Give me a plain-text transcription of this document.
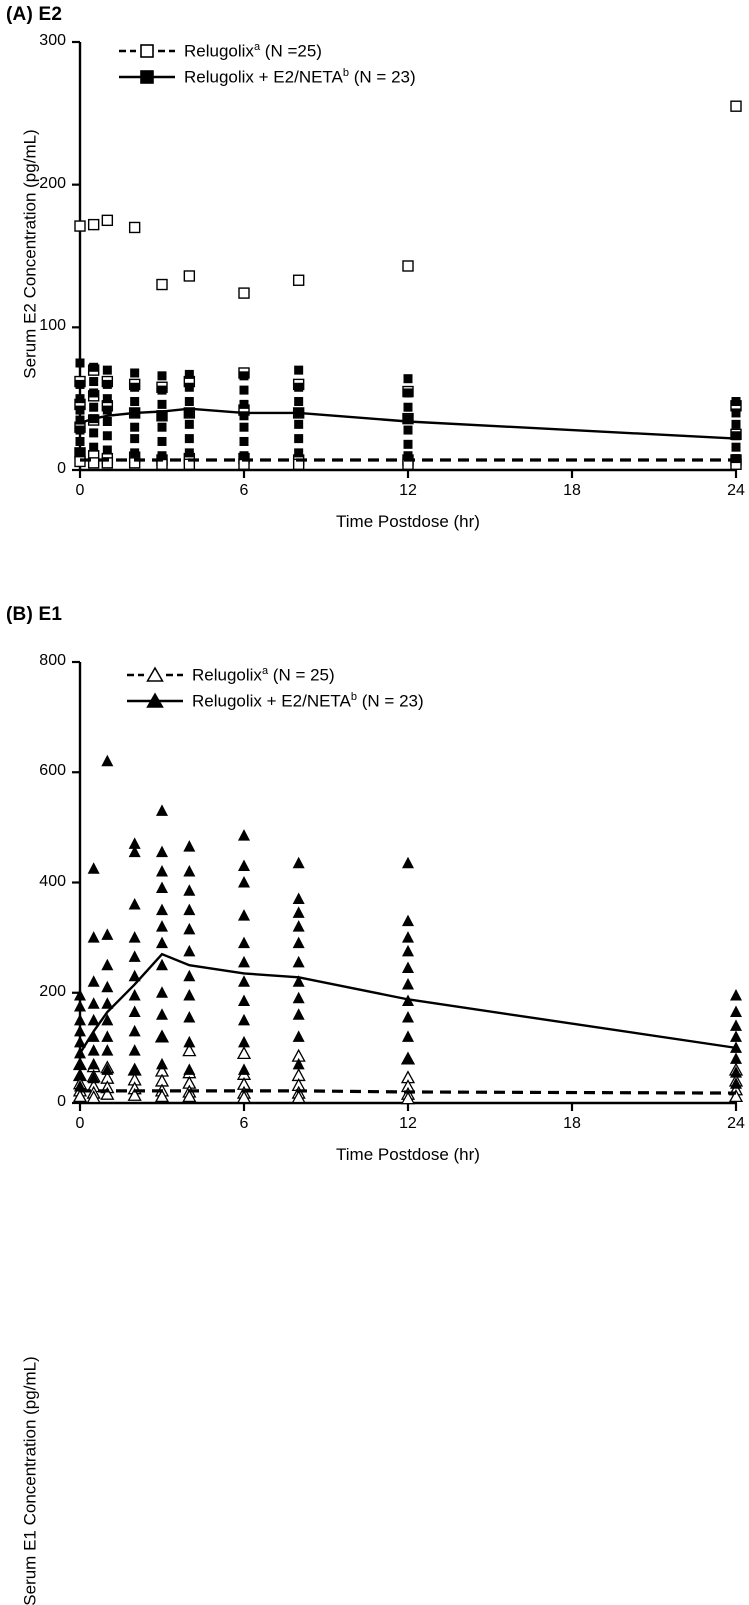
(A) E2
Relugolix$^a$ (N =25)
Relugolix + $E2/NETA^b$ (N = 23)
Serum E2 Concentration (pg/mL)
Time Postdose (hr)
(B) E1
Relugolix$^a$ (N = 25)
Relugolix + $E2/NETA^b$ (N = 23)
Serum E1 Concentration (pg/mL)
Time Postdose (hr)
0
100
200
300
0	6	12	18	24
0
200
400
600
800
0	6	12	18	24
